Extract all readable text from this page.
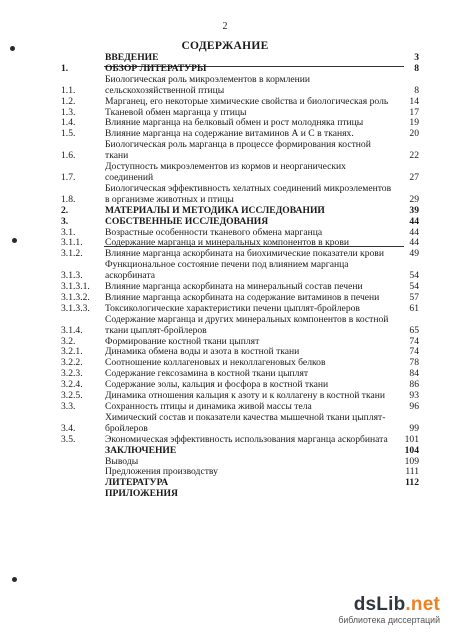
2
СОДЕРЖАНИЕ
	ВВЕДЕНИЕ	3
1.	ОБЗОР ЛИТЕРАТУРЫ	8
1.1.	Биологическая роль микроэлементов в кормлении сельскохозяйственной птицы	8
1.2.	Марганец, его некоторые химические свойства и биологическая роль	14
1.3.	Тканевой обмен марганца у птицы	17
1.4.	Влияние марганца на белковый обмен и рост молодняка птицы	19
1.5.	Влияние марганца на содержание витаминов А и С в тканях.	20
1.6.	Биологическая роль марганца в процессе формирования костной ткани	22
1.7.	Доступность микроэлементов из кормов и неорганических соединений	27
1.8.	Биологическая эффективность хелатных соединений микроэлементов в организме животных и птицы	29
2.	МАТЕРИАЛЫ И МЕТОДИКА ИССЛЕДОВАНИЙ	39
3.	СОБСТВЕННЫЕ ИССЛЕДОВАНИЯ	44
3.1.	Возрастные особенности тканевого обмена марганца	44
3.1.1.	Содержание марганца и минеральных компонентов в крови	44
3.1.2.	Влияние марганца аскорбината на биохимические показатели крови	49
3.1.3.	Функциональное состояние печени под влиянием марганца аскорбината	54
3.1.3.1.	Влияние марганца аскорбината на минеральный состав печени	54
3.1.3.2.	Влияние марганца аскорбината на содержание витаминов в печени	57
3.1.3.3.	Токсикологические характеристики печени цыплят-бройлеров	61
3.1.4.	Содержание марганца и других минеральных компонентов в костной ткани цыплят-бройлеров	65
3.2.	Формирование костной ткани цыплят	74
3.2.1.	Динамика обмена воды и азота в костной ткани	74
3.2.2.	Соотношение коллагеновых и неколлагеновых белков	78
3.2.3.	Содержание гексозамина в костной ткани цыплят	84
3.2.4.	Содержание золы, кальция и фосфора в костной ткани	86
3.2.5.	Динамика отношения кальция к азоту и к коллагену в костной ткани	93
3.3.	Сохранность птицы и динамика живой массы тела	96
3.4.	Химический состав и показатели качества мышечной ткани цыплят-бройлеров	99
3.5.	Экономическая эффективность использования марганца аскорбината	101
	ЗАКЛЮЧЕНИЕ	104
	Выводы	109
	Предложения производству	111
	ЛИТЕРАТУРА	112
	ПРИЛОЖЕНИЯ	
dsLib.net
библиотека диссертаций
